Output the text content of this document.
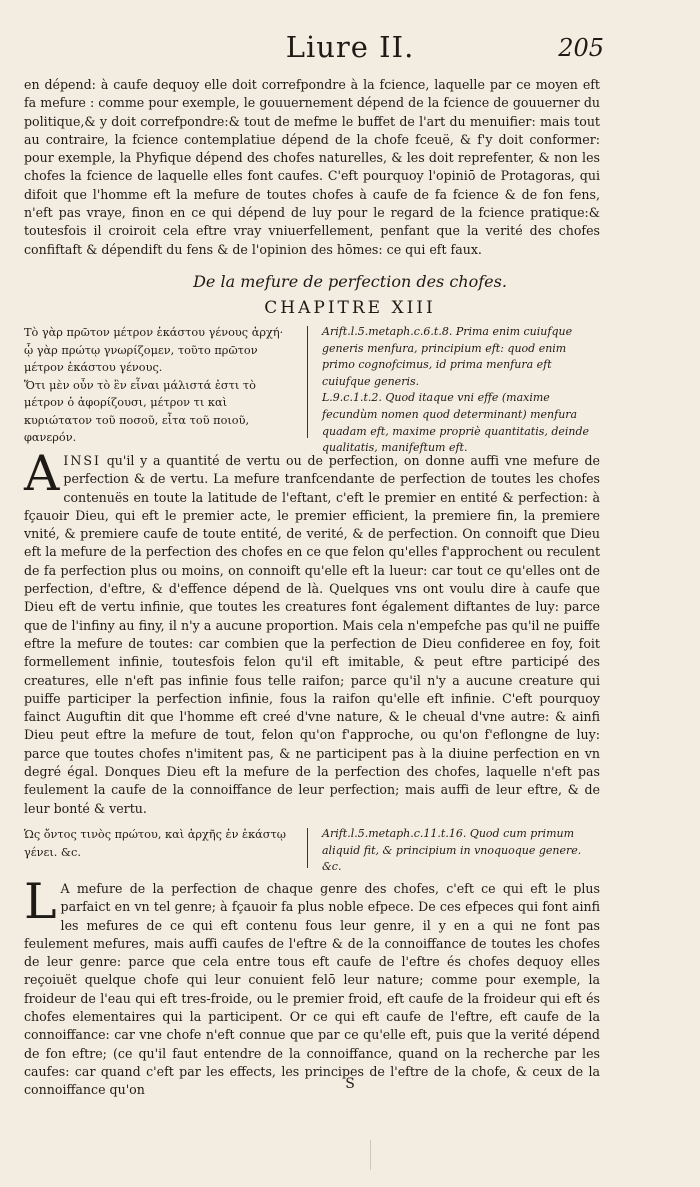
Liure II.	205

en dépend: à caufe dequoy elle doit correfpondre à la fcience, laquelle par ce moyen eft fa mefure : comme pour exemple, le gouuernement dépend de la fcience de gouuerner du politique,& y doit correfpondre:& tout de mefme le buffet de l'art du menuifier: mais tout au contraire, la fcience contemplatiue dépend de la chofe fceuë, & f'y doit conformer: pour exemple, la Phyfique dépend des chofes naturelles, & les doit reprefenter, & non les chofes la fcience de laquelle elles font caufes. C'eft pourquoy l'opiniō de Protagoras, qui difoit que l'homme eft la mefure de toutes chofes à caufe de fa fcience & de fon fens, n'eft pas vraye, finon en ce qui dépend de luy pour le regard de la fcience pratique:& toutesfois il croiroit cela eftre vray vniuerfellement, penfant que la verité des chofes confiftaft & dépendift du fens & de l'opinion des hōmes: ce qui eft faux.

De la mefure de perfection des chofes.
CHAPITRE XIII

Τὸ γὰρ πρῶτον μέτρον ἑκάστου γένους ἀρχή· ᾧ γὰρ πρώτῳ γνωρίζομεν, τοῦτο πρῶτον μέτρον ἑκάστου γένους.

Ὅτι μὲν οὖν τὸ ἓν εἶναι μάλιστά ἐστι τὸ μέτρον ὁ ἀφορίζουσι, μέτρον τι καὶ κυριώτατον τοῦ ποσοῦ, εἶτα τοῦ ποιοῦ, φανερόν.

Arift.l.5.metaph.c.6.t.8. Prima enim cuiufque generis menfura, principium eft: quod enim primo cognofcimus, id prima menfura eft cuiufque generis.

L.9.c.1.t.2. Quod itaque vni effe (maxime fecundùm nomen quod determinant) menfura quadam eft, maxime propriè quantitatis, deinde qualitatis, manifeftum eft.

AINSI qu'il y a quantité de vertu ou de perfection, on donne auffi vne mefure de perfection & de vertu. La mefure tranfcendante de perfection de toutes les chofes contenuës en toute la latitude de l'eftant, c'eft le premier en entité & perfection: à fçauoir Dieu, qui eft le premier acte, le premier efficient, la premiere fin, la premiere vnité, & premiere caufe de toute entité, de verité, & de perfection. On connoift que Dieu eft la mefure de la perfection des chofes en ce que felon qu'elles f'approchent ou reculent de fa perfection plus ou moins, on connoift qu'elle eft la lueur: car tout ce qu'elles ont de perfection, d'eftre, & d'effence dépend de là. Quelques vns ont voulu dire à caufe que Dieu eft de vertu infinie, que toutes les creatures font également diftantes de luy: parce que de l'infiny au finy, il n'y a aucune proportion. Mais cela n'empefche pas qu'il ne puiffe eftre la mefure de toutes: car combien que la perfection de Dieu confideree en foy, foit formellement infinie, toutesfois felon qu'il eft imitable, & peut eftre participé des creatures, elle n'eft pas infinie fous telle raifon; parce qu'il n'y a aucune creature qui puiffe participer la perfection infinie, fous la raifon qu'elle eft infinie. C'eft pourquoy fainct Auguftin dit que l'homme eft creé d'vne nature, & le cheual d'vne autre: & ainfi Dieu peut eftre la mefure de tout, felon qu'on f'approche, ou qu'on f'eflongne de luy: parce que toutes chofes n'imitent pas, & ne participent pas à la diuine perfection en vn degré égal. Donques Dieu eft la mefure de la perfection des chofes, laquelle n'eft pas feulement la caufe de la connoiffance de leur perfection; mais auffi de leur eftre, & de leur bonté & vertu.

Ὡς ὄντος τινὸς πρώτου, καὶ ἀρχῆς ἐν ἑκάστῳ γένει. &c.

Arift.l.5.metaph.c.11.t.16. Quod cum primum aliquid fit, & principium in vnoquoque genere. &c.

L A mefure de la perfection de chaque genre des chofes, c'eft ce qui eft le plus parfaict en vn tel genre; à fçauoir fa plus noble efpece. De ces efpeces qui font ainfi les mefures de ce qui eft contenu fous leur genre, il y en a qui ne font pas feulement mefures, mais auffi caufes de l'eftre & de la connoiffance de toutes les chofes de leur genre: parce que cela entre tous eft caufe de l'eftre és chofes dequoy elles reçoiuët quelque chofe qui leur conuient felō leur nature; comme pour exemple, la froideur de l'eau qui eft tres-froide, ou le premier froid, eft caufe de la froideur qui eft és chofes elementaires qui la participent. Or ce qui eft caufe de l'eftre, eft caufe de la connoiffance: car vne chofe n'eft connue que par ce qu'elle eft, puis que la verité dépend de fon eftre; (ce qu'il faut entendre de la connoiffance, quand on la recherche par les caufes: car quand c'eft par les effects, les principes de l'eftre de la chofe, & ceux de la connoiffance qu'on	S
